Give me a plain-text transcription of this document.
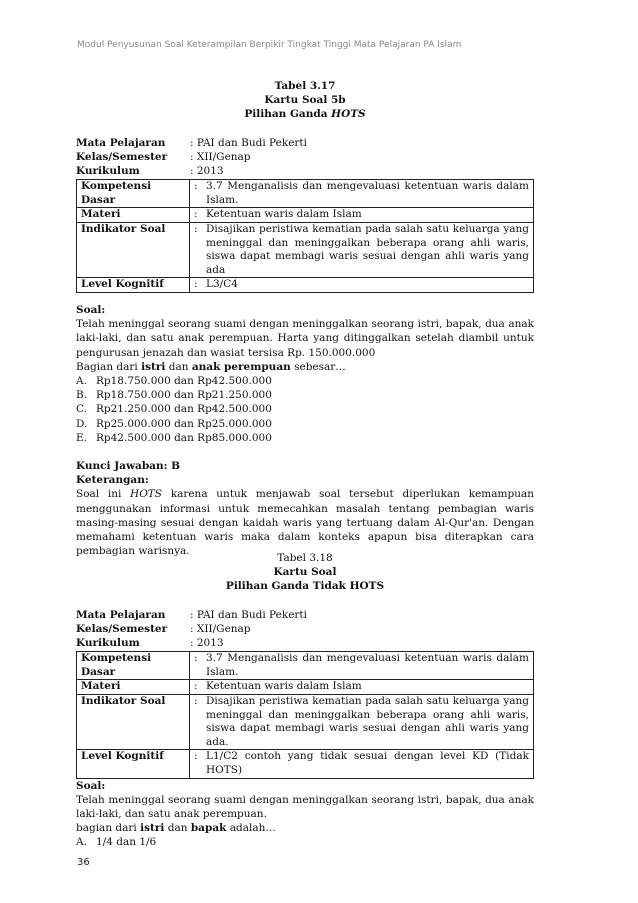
Modul Penyusunan Soal Keterampilan Berpikir Tingkat Tinggi Mata Pelajaran PA Islam
Tabel 3.17
Kartu Soal 5b
Pilihan Ganda HOTS
Mata Pelajaran	: PAI dan Budi Pekerti
Kelas/Semester	: XII/Genap
Kurikulum	: 2013
Kompetensi Dasar	: 3.7 Menganalisis dan mengevaluasi ketentuan waris dalam Islam.

Materi	: Ketentuan waris dalam Islam

Indikator Soal	: Disajikan peristiwa kematian pada salah satu keluarga yang meninggal dan meninggalkan beberapa orang ahli waris, siswa dapat membagi waris sesuai dengan ahli waris yang ada

Level Kognitif	: L3/C4
Soal:
Telah meninggal seorang suami dengan meninggalkan seorang istri, bapak, dua anak laki-laki, dan satu anak perempuan. Harta yang ditinggalkan setelah diambil untuk pengurusan jenazah dan wasiat tersisa Rp. 150.000.000
Bagian dari istri dan anak perempuan sebesar…
A. Rp18.750.000 dan Rp42.500.000
B. Rp18.750.000 dan Rp21.250.000
C. Rp21.250.000 dan Rp42.500.000
D. Rp25.000.000 dan Rp25.000.000
E. Rp42.500.000 dan Rp85.000.000
Kunci Jawaban: B
Keterangan:
Soal ini HOTS karena untuk menjawab soal tersebut diperlukan kemampuan menggunakan informasi untuk memecahkan masalah tentang pembagian waris masing-masing sesuai dengan kaidah waris yang tertuang dalam Al-Qur'an. Dengan memahami ketentuan waris maka dalam konteks apapun bisa diterapkan cara pembagian warisnya.
Tabel 3.18
Kartu Soal
Pilihan Ganda Tidak HOTS
Mata Pelajaran	: PAI dan Budi Pekerti
Kelas/Semester	: XII/Genap
Kurikulum	: 2013
Kompetensi Dasar	: 3.7 Menganalisis dan mengevaluasi ketentuan waris dalam Islam.

Materi	: Ketentuan waris dalam Islam

Indikator Soal	: Disajikan peristiwa kematian pada salah satu keluarga yang meninggal dan meninggalkan beberapa orang ahli waris, siswa dapat membagi waris sesuai dengan ahli waris yang ada.

Level Kognitif	: L1/C2 contoh yang tidak sesuai dengan level KD (Tidak HOTS)
Soal:
Telah meninggal seorang suami dengan meninggalkan seorang istri, bapak, dua anak laki-laki, dan satu anak perempuan.
bagian dari istri dan bapak adalah…
A. 1/4 dan 1/6
36
